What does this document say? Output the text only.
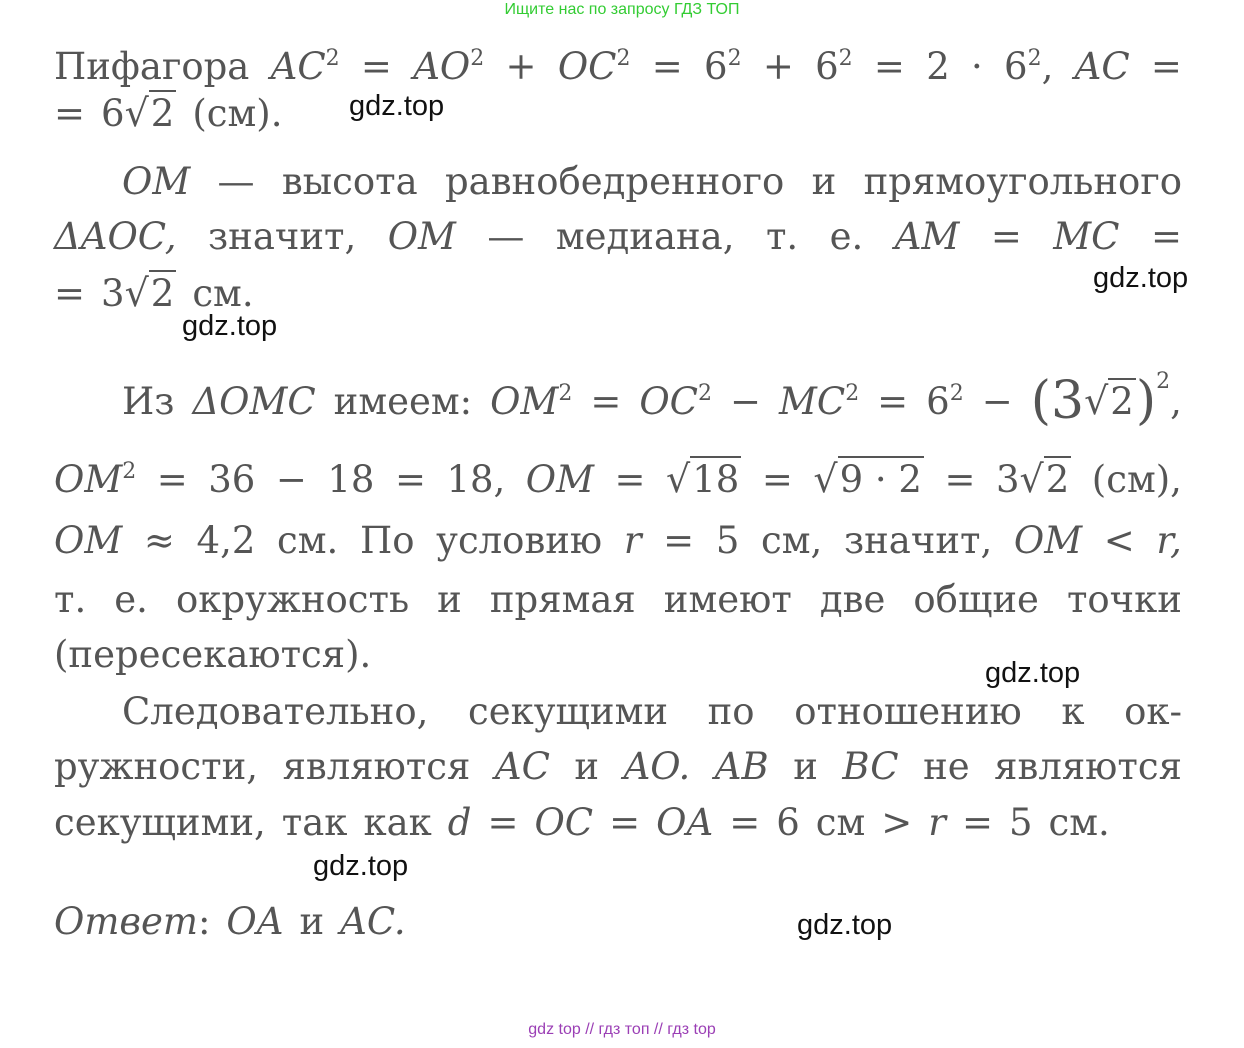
Ищите нас по запросу ГДЗ ТОП
Пифагора $AC^2 = AO^2 + OC^2 = 6^2 + 6^2 = 2 \cdot 6^2$, AC =
= 6√2 (см).
OM — высота равнобедренного и прямоугольного
ΔAOC, значит, OM — медиана, т. е. AM = MC =
= 3√2 см.
Из ΔOMC имеем: $OM^2 = OC^2 - MC^2 = 6^2 - (3√2)^2$,
$OM^2 = 36 - 18 = 18$, OM = √18 = √9 · 2 = 3√2 (см),
OM ≈ 4,2 см. По условию r = 5 см, значит, OM < r,
т. е. окружность и прямая имеют две общие точки
(пересекаются).
Следовательно, секущими по отношению к ок-
ружности, являются AC и AO. AB и BC не являются
секущими, так как d = OC = OA = 6 см > r = 5 см.
Ответ: OA и AC.
gdz.top
gdz.top
gdz.top
gdz.top
gdz.top
gdz.top
gdz top // гдз топ // гдз top
